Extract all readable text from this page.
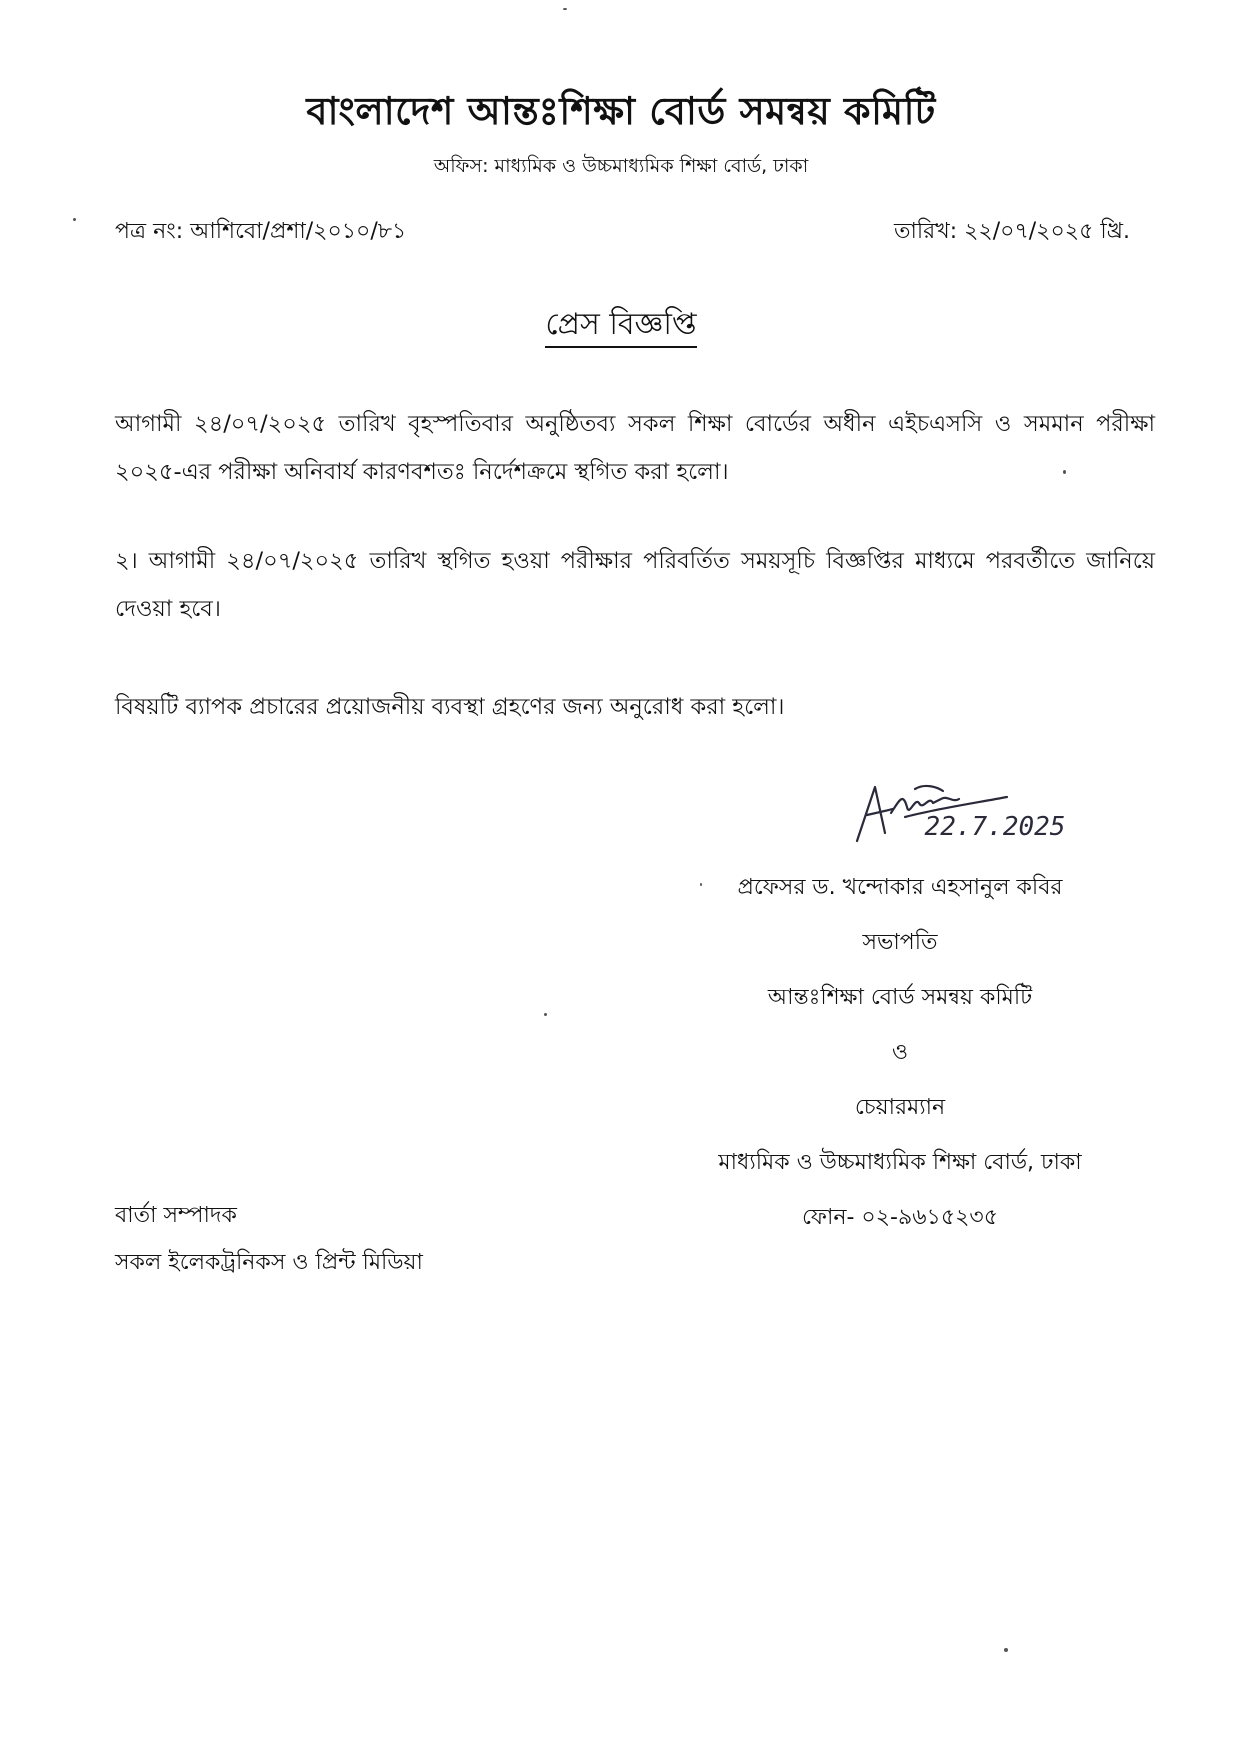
বাংলাদেশ আন্তঃশিক্ষা বোর্ড সমন্বয় কমিটি
অফিস: মাধ্যমিক ও উচ্চমাধ্যমিক শিক্ষা বোর্ড, ঢাকা
পত্র নং: আশিবো/প্রশা/২০১০/৮১	তারিখ: ২২/০৭/২০২৫ খ্রি.
প্রেস বিজ্ঞপ্তি
আগামী ২৪/০৭/২০২৫ তারিখ বৃহস্পতিবার অনুষ্ঠিতব্য সকল শিক্ষা বোর্ডের অধীন এইচএসসি ও সমমান পরীক্ষা ২০২৫-এর পরীক্ষা অনিবার্য কারণবশতঃ নির্দেশক্রমে স্থগিত করা হলো।
২। আগামী ২৪/০৭/২০২৫ তারিখ স্থগিত হওয়া পরীক্ষার পরিবর্তিত সময়সূচি বিজ্ঞপ্তির মাধ্যমে পরবর্তীতে জানিয়ে দেওয়া হবে।
বিষয়টি ব্যাপক প্রচারের প্রয়োজনীয় ব্যবস্থা গ্রহণের জন্য অনুরোধ করা হলো।
22.7.2025
প্রফেসর ড. খন্দোকার এহসানুল কবির
সভাপতি
আন্তঃশিক্ষা বোর্ড সমন্বয় কমিটি
ও
চেয়ারম্যান
মাধ্যমিক ও উচ্চমাধ্যমিক শিক্ষা বোর্ড, ঢাকা
ফোন- ০২-৯৬১৫২৩৫
বার্তা সম্পাদক
সকল ইলেকট্রনিকস ও প্রিন্ট মিডিয়া
